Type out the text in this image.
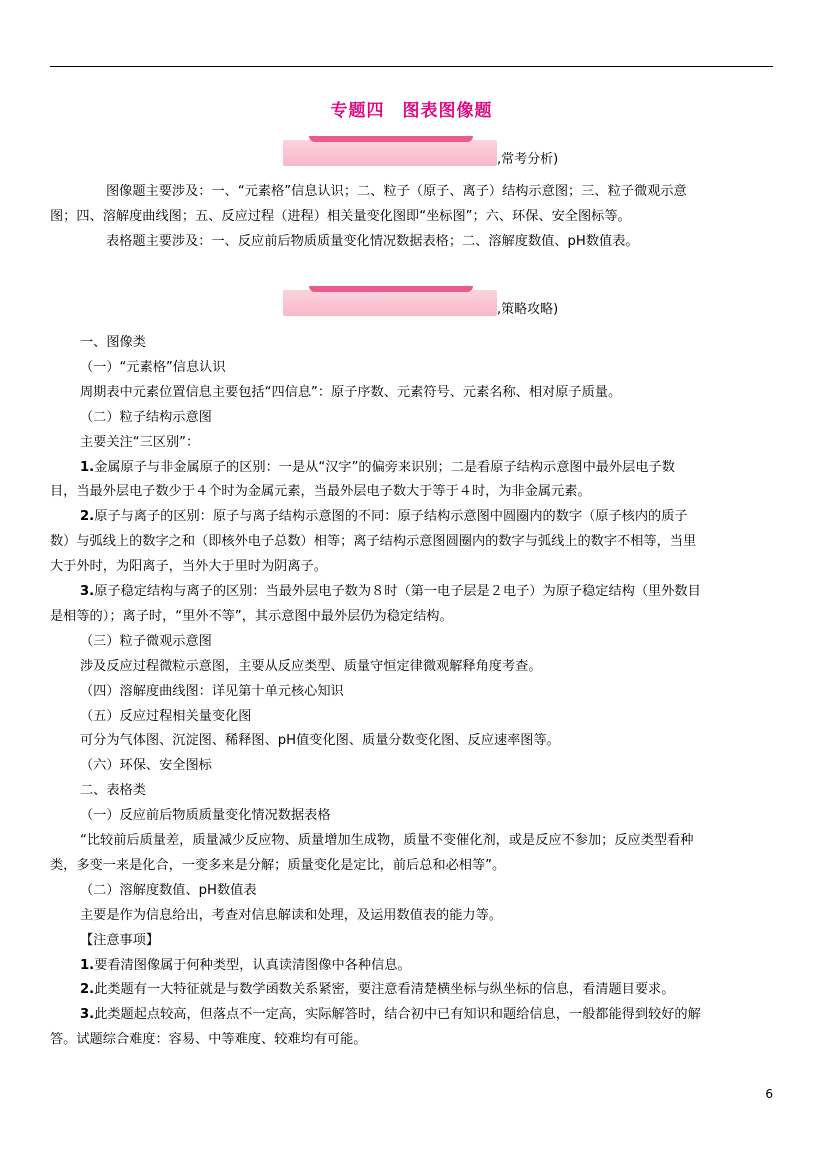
专题四　图表图像题
,常考分析)
图像题主要涉及：一、“元素格”信息认识；二、粒子（原子、离子）结构示意图；三、粒子微观示意
图；四、溶解度曲线图；五、反应过程（进程）相关量变化图即“坐标图”；六、环保、安全图标等。
表格题主要涉及：一、反应前后物质质量变化情况数据表格；二、溶解度数值、pH数值表。
,策略攻略)
一、图像类
（一）“元素格”信息认识
周期表中元素位置信息主要包括“四信息”：原子序数、元素符号、元素名称、相对原子质量。
（二）粒子结构示意图
主要关注“三区别”：
1.金属原子与非金属原子的区别：一是从“汉字”的偏旁来识别；二是看原子结构示意图中最外层电子数
目，当最外层电子数少于４个时为金属元素，当最外层电子数大于等于４时，为非金属元素。
2.原子与离子的区别：原子与离子结构示意图的不同：原子结构示意图中圆圈内的数字（原子核内的质子
数）与弧线上的数字之和（即核外电子总数）相等；离子结构示意图圆圈内的数字与弧线上的数字不相等，当里
大于外时，为阳离子，当外大于里时为阴离子。
3.原子稳定结构与离子的区别：当最外层电子数为８时（第一电子层是２电子）为原子稳定结构（里外数目
是相等的）；离子时，“里外不等”，其示意图中最外层仍为稳定结构。
（三）粒子微观示意图
涉及反应过程微粒示意图，主要从反应类型、质量守恒定律微观解释角度考查。
（四）溶解度曲线图：详见第十单元核心知识
（五）反应过程相关量变化图
可分为气体图、沉淀图、稀释图、pH值变化图、质量分数变化图、反应速率图等。
（六）环保、安全图标
二、表格类
（一）反应前后物质质量变化情况数据表格
“比较前后质量差，质量减少反应物、质量增加生成物，质量不变催化剂，或是反应不参加；反应类型看种
类，多变一来是化合，一变多来是分解；质量变化是定比，前后总和必相等”。
（二）溶解度数值、pH数值表
主要是作为信息给出，考查对信息解读和处理，及运用数值表的能力等。
【注意事项】
1.要看清图像属于何种类型，认真读清图像中各种信息。
2.此类题有一大特征就是与数学函数关系紧密，要注意看清楚横坐标与纵坐标的信息，看清题目要求。
3.此类题起点较高，但落点不一定高，实际解答时，结合初中已有知识和题给信息，一般都能得到较好的解
答。试题综合难度：容易、中等难度、较难均有可能。
6
